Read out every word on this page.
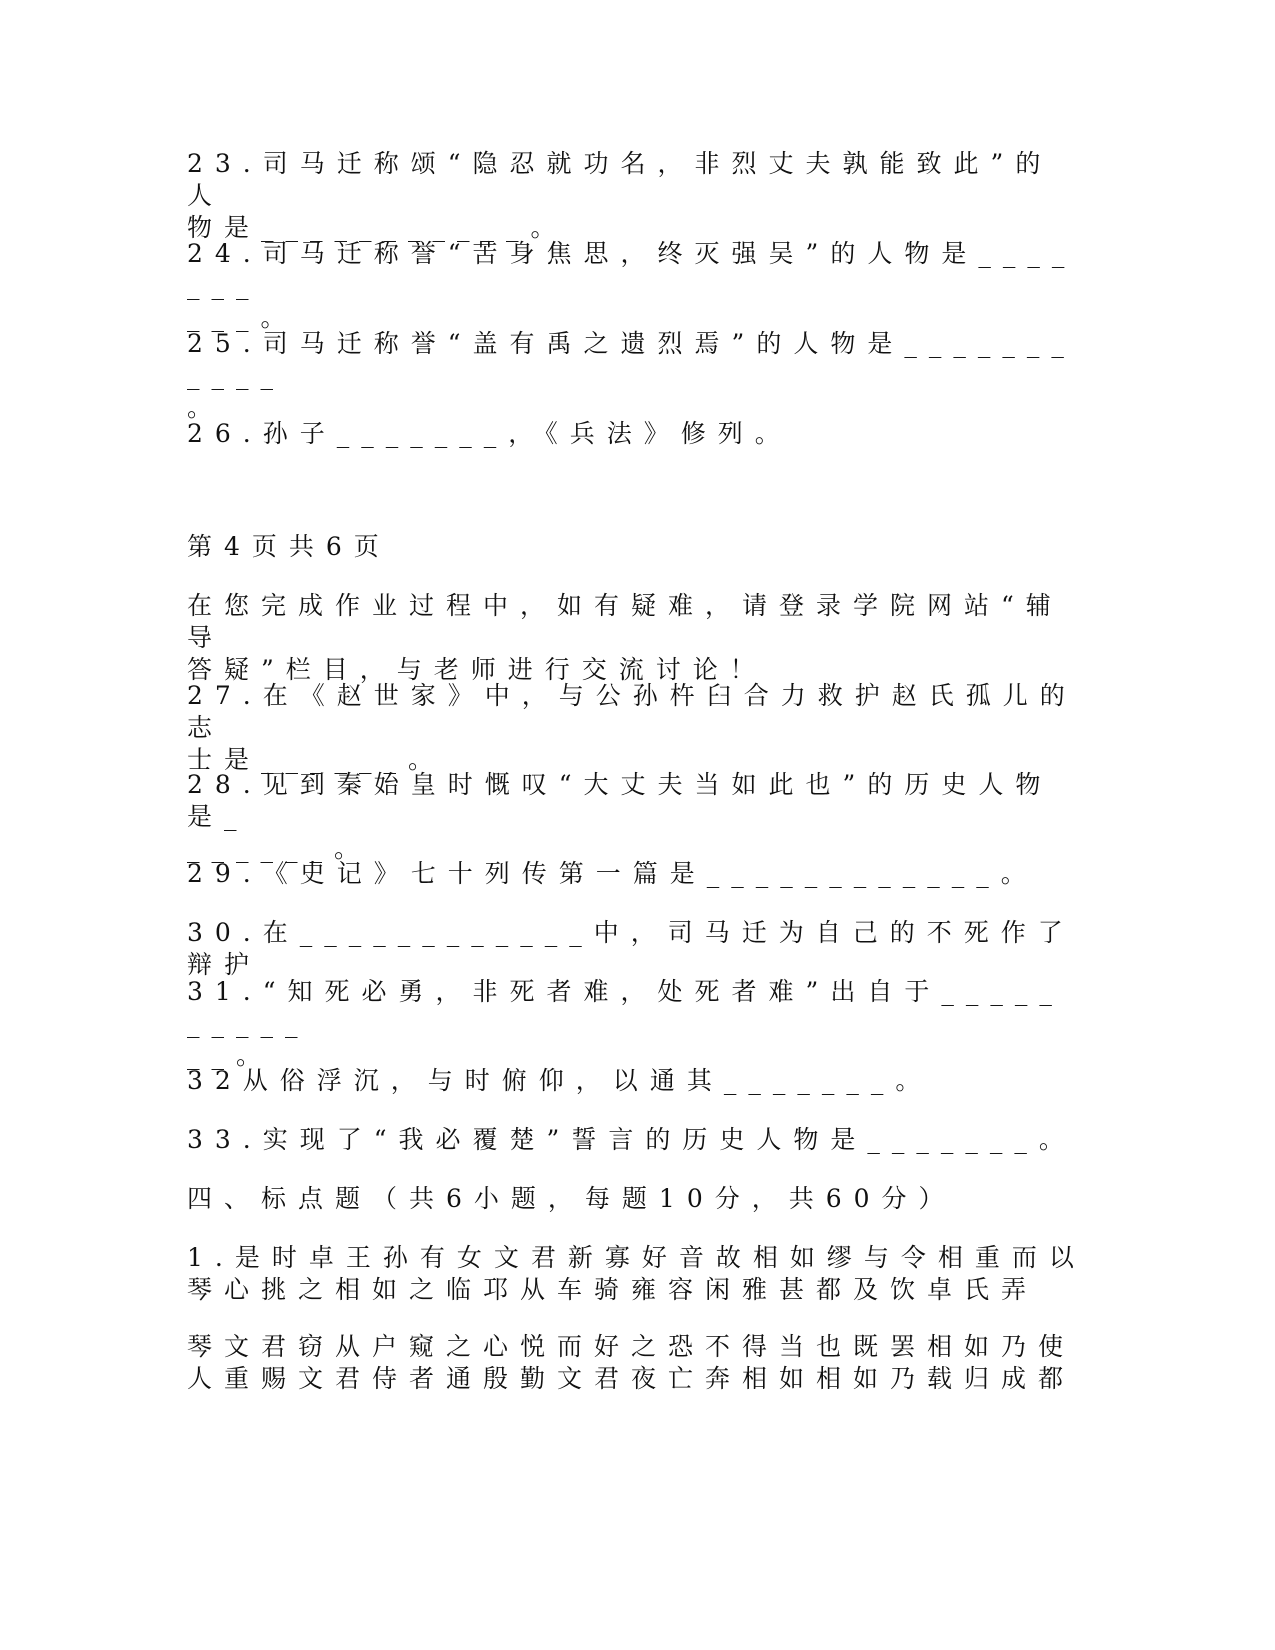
23.司马迁称颂“隐忍就功名，非烈丈夫孰能致此”的人
物是___________。

24.司马迁称誉“苦身焦思，终灭强吴”的人物是_______
___。

25.司马迁称誉“盖有禹之遗烈焉”的人物是___________
。

26.孙子_______，《兵法》修列。

第4页共6页

在您完成作业过程中，如有疑难，请登录学院网站“辅导
答疑”栏目，与老师进行交流讨论！

27.在《赵世家》中，与公孙杵臼合力救护赵氏孤儿的志
士是______。

28.见到秦始皇时慨叹“大丈夫当如此也”的历史人物是_
______。

29.《史记》七十列传第一篇是____________。

30.在____________中，司马迁为自己的不死作了辩护

31.“知死必勇，非死者难，处死者难”出自于__________
__。

32从俗浮沉，与时俯仰，以通其_______。

33.实现了“我必覆楚”誓言的历史人物是_______。

四、标点题（共6小题，每题10分，共60分）

1.是时卓王孙有女文君新寡好音故相如缪与令相重而以
琴心挑之相如之临邛从车骑雍容闲雅甚都及饮卓氏弄

琴文君窃从户窥之心悦而好之恐不得当也既罢相如乃使
人重赐文君侍者通殷勤文君夜亡奔相如相如乃载归成都
